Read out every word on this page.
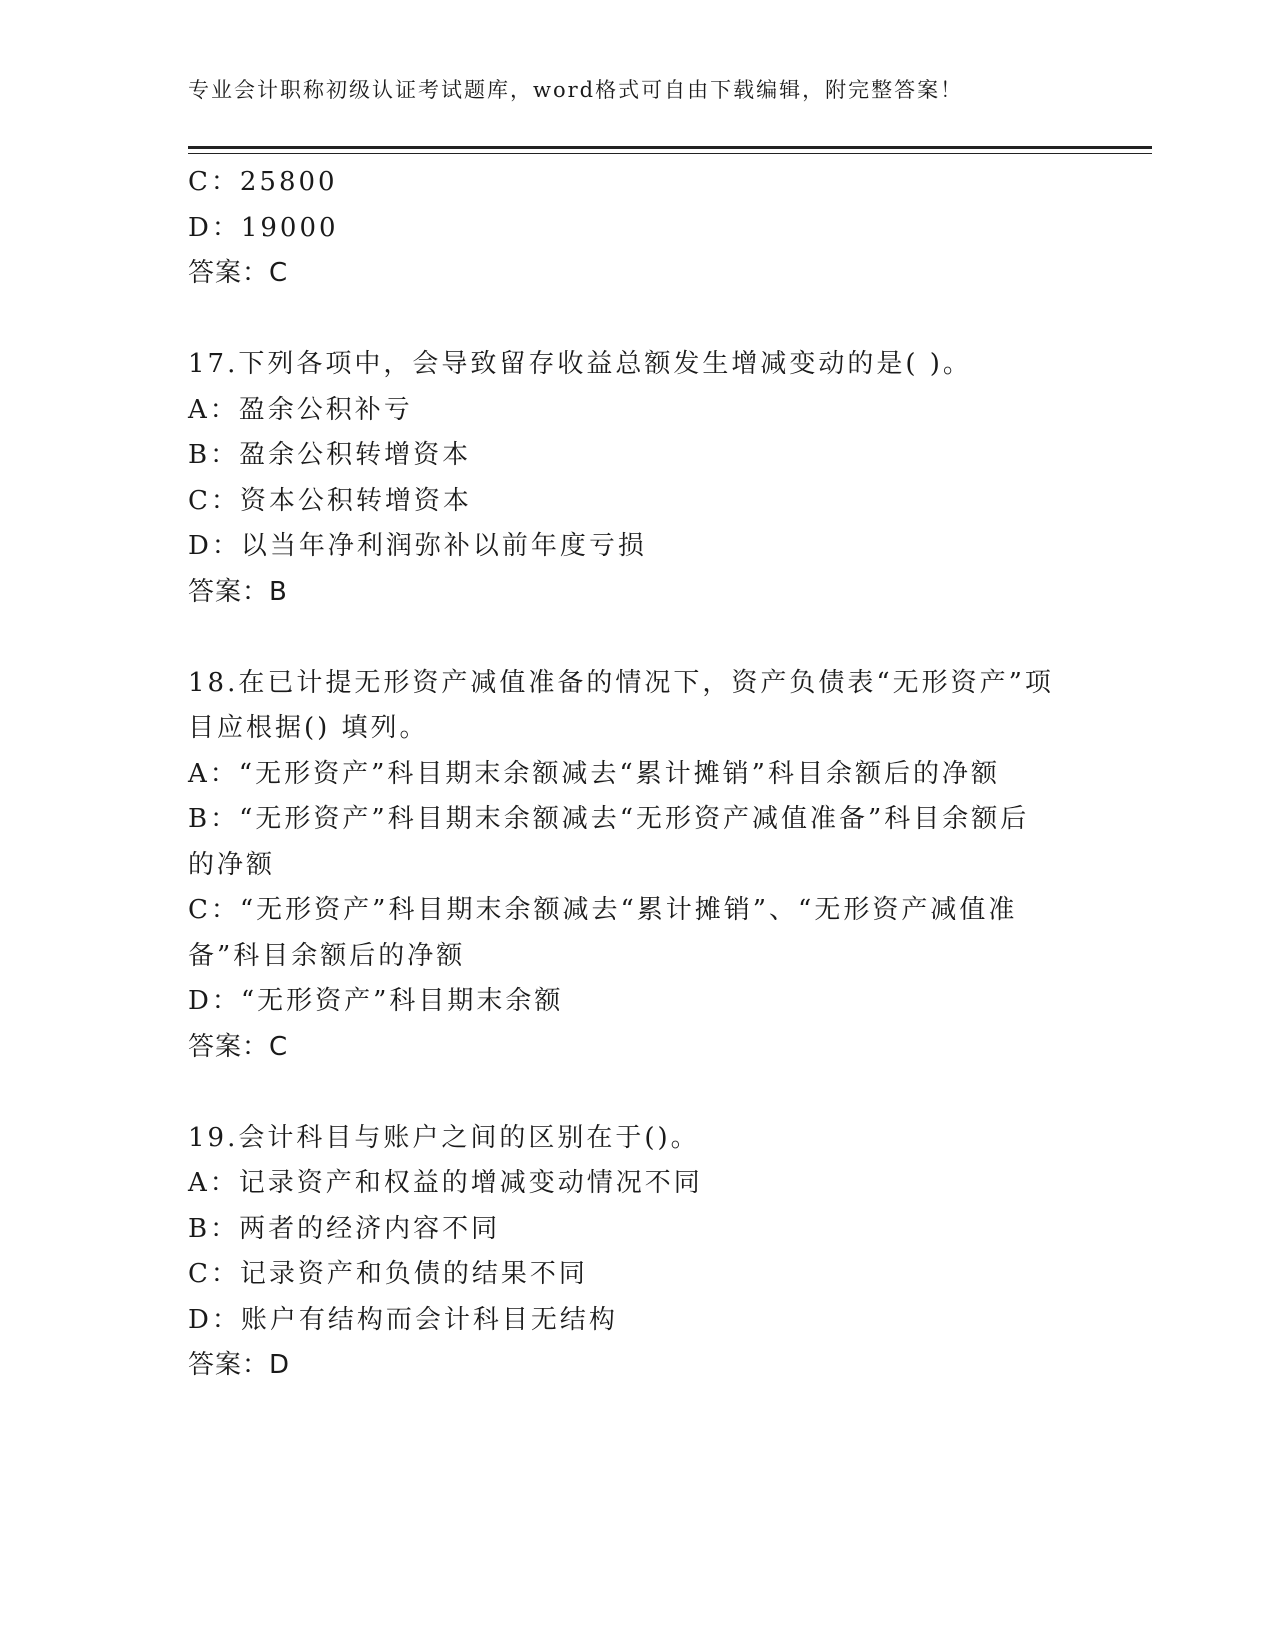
专业会计职称初级认证考试题库，word格式可自由下载编辑，附完整答案！
C：25800
D：19000
答案：C
17.下列各项中，会导致留存收益总额发生增减变动的是( )。
A：盈余公积补亏
B：盈余公积转增资本
C：资本公积转增资本
D：以当年净利润弥补以前年度亏损
答案：B
18.在已计提无形资产减值准备的情况下，资产负债表“无形资产”项
目应根据() 填列。
A：“无形资产”科目期末余额减去“累计摊销”科目余额后的净额
B：“无形资产”科目期末余额减去“无形资产减值准备”科目余额后
的净额
C：“无形资产”科目期末余额减去“累计摊销”、“无形资产减值准
备”科目余额后的净额
D：“无形资产”科目期末余额
答案：C
19.会计科目与账户之间的区别在于()。
A：记录资产和权益的增减变动情况不同
B：两者的经济内容不同
C：记录资产和负债的结果不同
D：账户有结构而会计科目无结构
答案：D
